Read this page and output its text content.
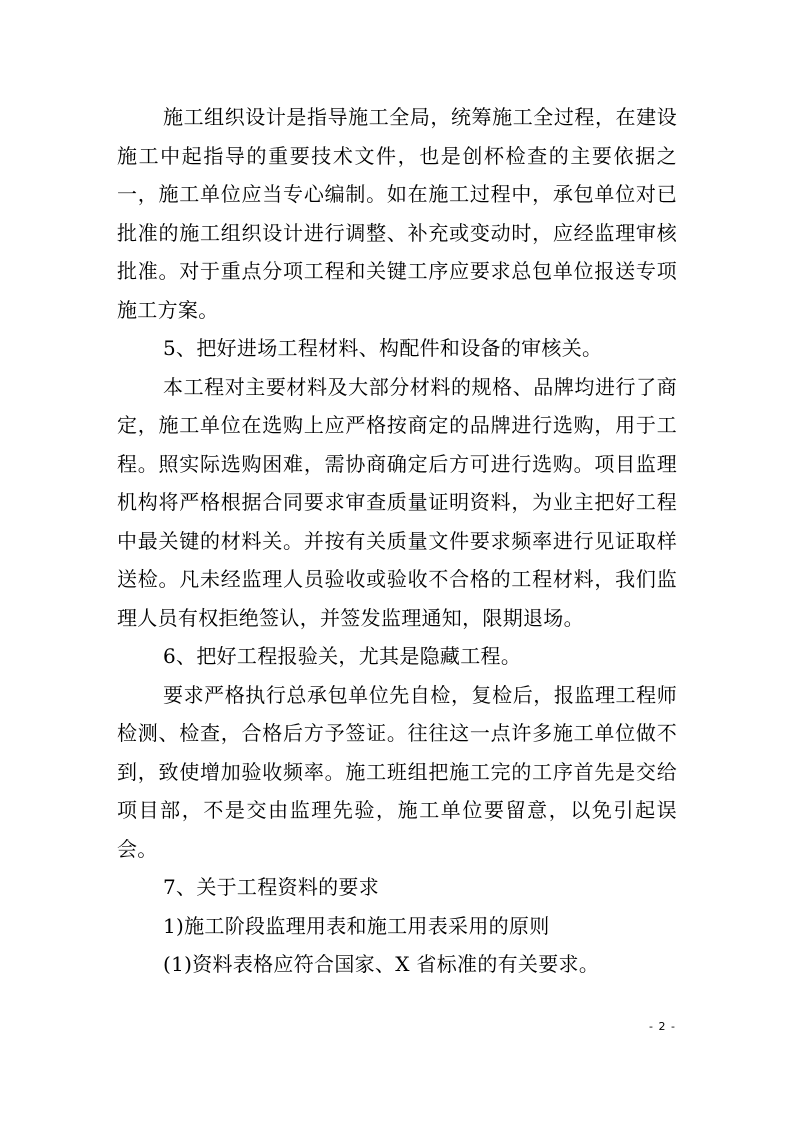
施工组织设计是指导施工全局，统筹施工全过程，在建设施工中起指导的重要技术文件，也是创杯检查的主要依据之一，施工单位应当专心编制。如在施工过程中，承包单位对已批准的施工组织设计进行调整、补充或变动时，应经监理审核批准。对于重点分项工程和关键工序应要求总包单位报送专项施工方案。

5、把好进场工程材料、构配件和设备的审核关。

本工程对主要材料及大部分材料的规格、品牌均进行了商定，施工单位在选购上应严格按商定的品牌进行选购，用于工程。照实际选购困难，需协商确定后方可进行选购。项目监理机构将严格根据合同要求审查质量证明资料，为业主把好工程中最关键的材料关。并按有关质量文件要求频率进行见证取样送检。凡未经监理人员验收或验收不合格的工程材料，我们监理人员有权拒绝签认，并签发监理通知，限期退场。

6、把好工程报验关，尤其是隐藏工程。

要求严格执行总承包单位先自检，复检后，报监理工程师检测、检查，合格后方予签证。往往这一点许多施工单位做不到，致使增加验收频率。施工班组把施工完的工序首先是交给项目部，不是交由监理先验，施工单位要留意，以免引起误会。

7、关于工程资料的要求

1)施工阶段监理用表和施工用表采用的原则

(1)资料表格应符合国家、X 省标准的有关要求。

- 2 -
